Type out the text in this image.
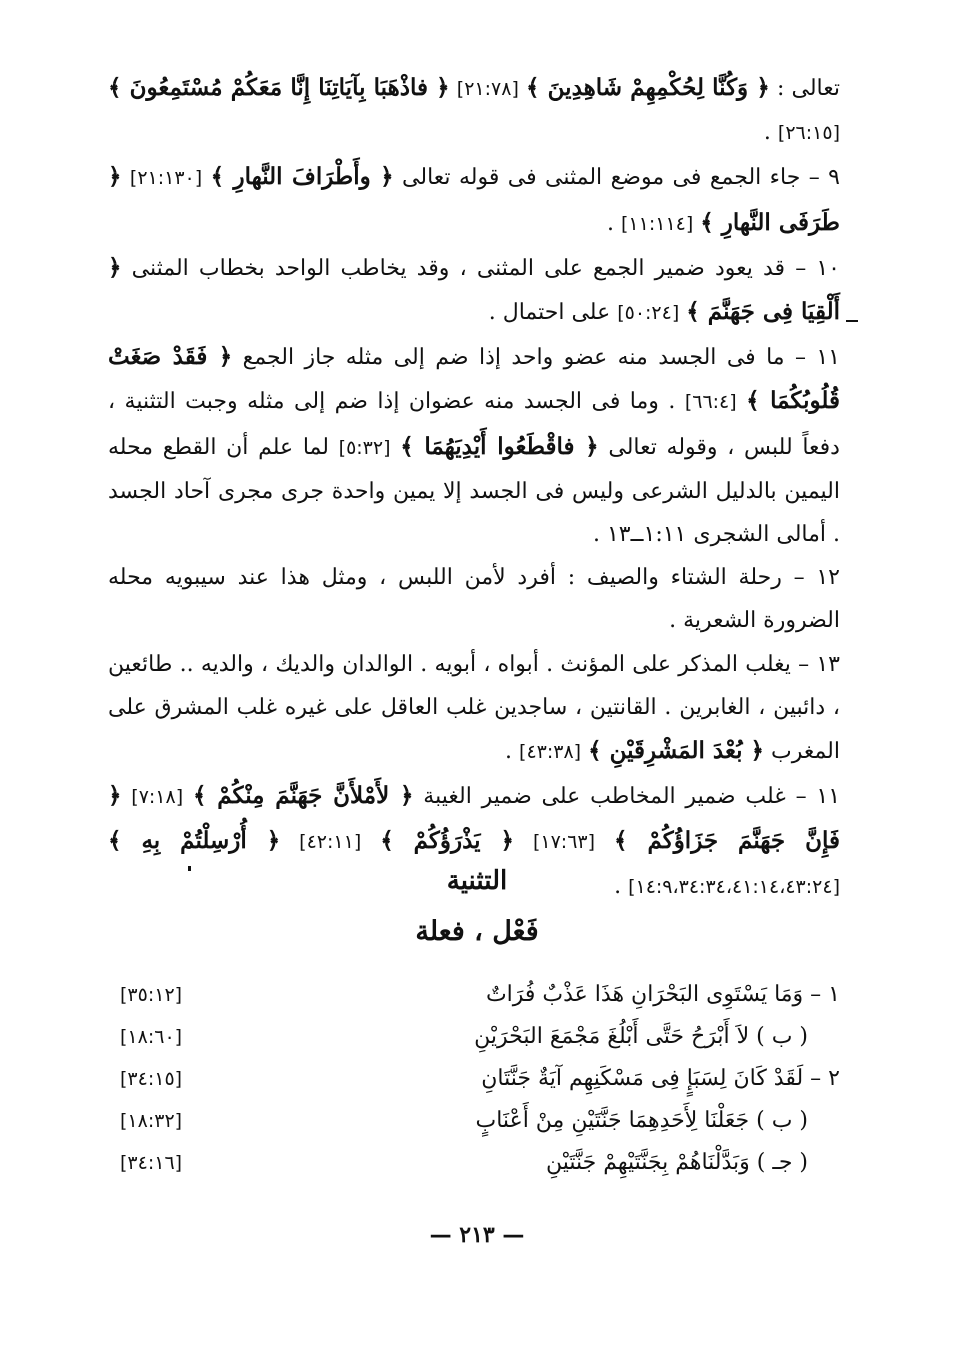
تعالى : ﴿ وَكُنَّا لِحُكْمِهِمْ شَاهِدِينَ ﴾ [٢١:٧٨] ﴿ فاذْهَبَا بِآيَاتِنَا إِنَّا مَعَكُمْ مُسْتَمِعُونَ ﴾ [٢٦:١٥] .

٩ – جاء الجمع فى موضع المثنى فى قوله تعالى ﴿ وأَطْرَافَ النَّهارِ ﴾ [٢١:١٣٠] ﴿ طَرَفَى النَّهارِ ﴾ [١١:١١٤] .

١٠ – قد يعود ضمير الجمع على المثنى ، وقد يخاطب الواحد بخطاب المثنى ﴿ أَلْقِيَا فِى جَهَنَّمَ ﴾ [٥٠:٢٤] على احتمال .

١١ – ما فى الجسد منه عضو واحد إذا ضم إلى مثله جاز الجمع ﴿ فَقَدْ صَغَتْ قُلُوبُكُمَا ﴾ [٦٦:٤] . وما فى الجسد منه عضوان إذا ضم إلى مثله وجبت التثنية ، دفعاً للبس ، وقوله تعالى ﴿ فاقْطَعُوا أَيْدِيَهُمَا ﴾ [٥:٣٢] لما علم أن القطع محله اليمين بالدليل الشرعى وليس فى الجسد إلا يمين واحدة جرى مجرى آحاد الجسد . أمالى الشجرى ١:١١ــ١٣ .

١٢ – رحلة الشتاء والصيف : أفرد لأمن اللبس ، ومثل هذا عند سيبويه محله الضرورة الشعرية .

١٣ – يغلب المذكر على المؤنث . أبواه ، أبويه . الوالدان والديك ، والديه .. طائعين ، دائبين ، الغابرين . القانتين ، ساجدين غلب العاقل على غيره غلب المشرق على المغرب ﴿ بُعْدَ المَشْرِقَيْنِ ﴾ [٤٣:٣٨] .

١١ – غلب ضمير المخاطب على ضمير الغيبة ﴿ لأَمْلأَنَّ جَهَنَّمَ مِنْكُمْ ﴾ [٧:١٨] ﴿ فَإِنَّ جَهَنَّمَ جَزَاؤُكُمْ ﴾ [١٧:٦٣] ﴿ يَذْرَؤُكُمْ ﴾ [٤٢:١١] ﴿ أُرْسِلْتُمْ بِهِ ﴾ [١٤:٩،٣٤:٣٤،٤١:١٤،٤٣:٢٤] .

التثنية
فَعْل ، فعلة
١ – وَمَا يَسْتَوِى البَحْرَانِ هَذَا عَذْبٌ فُرَاتٌ
[٣٥:١٢]
( ب ) لاَ أَبْرَحُ حَتَّى أَبْلُغَ مَجْمَعَ البَحْرَيْنِ
[١٨:٦٠]
٢ – لَقَدْ كَانَ لِسَبَإٍ فِى مَسْكَنِهِم آيَةٌ جَنَّتَانِ
[٣٤:١٥]
( ب ) جَعَلْنَا لِأَحَدِهِمَا جَنَّتَيْنِ مِنْ أَعْنَابٍ
[١٨:٣٢]
( جـ ) وَبَدَّلْنَاهُمْ بِجَنَّتَيْهِمْ جَنَّتَيْنِ
[٣٤:١٦]
— ٢١٣ —
